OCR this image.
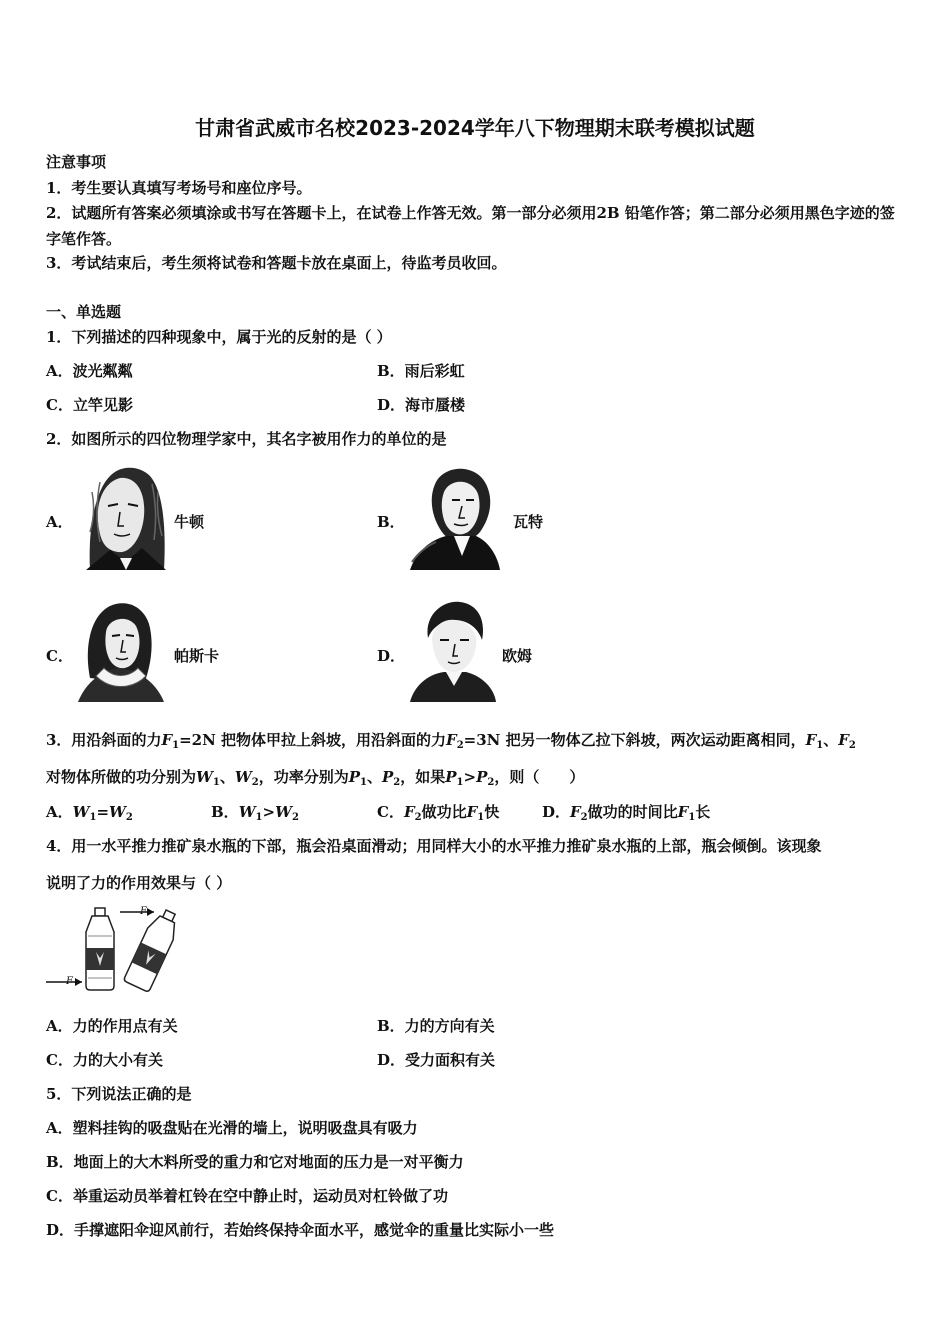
甘肃省武威市名校2023-2024学年八下物理期末联考模拟试题
注意事项
1．考生要认真填写考场号和座位序号。
2．试题所有答案必须填涂或书写在答题卡上，在试卷上作答无效。第一部分必须用2B 铅笔作答；第二部分必须用黑色字迹的签字笔作答。
3．考试结束后，考生须将试卷和答题卡放在桌面上，待监考员收回。
一、单选题
1．下列描述的四种现象中，属于光的反射的是（ ）
A．波光粼粼	B．雨后彩虹
C．立竿见影	D．海市蜃楼
2．如图所示的四位物理学家中，其名字被用作力的单位的是
A．	牛顿	B．	瓦特
C．	帕斯卡	D．	欧姆
3．用沿斜面的力$F_1=2N$ 把物体甲拉上斜坡，用沿斜面的力$F_2=3N$ 把另一物体乙拉下斜坡，两次运动距离相同，$F_1$、$F_2$
对物体所做的功分别为$W_1$、$W_2$，功率分别为$P_1$、$P_2$，如果$P_1>P_2$，则（　　）
A．$W_1=W_2$	B．$W_1>W_2$	C．$F_2$做功比$F_1$快	D．$F_2$做功的时间比$F_1$长
4．用一水平推力推矿泉水瓶的下部，瓶会沿桌面滑动；用同样大小的水平推力推矿泉水瓶的上部，瓶会倾倒。该现象
说明了力的作用效果与（ ）
F
F
A．力的作用点有关	B．力的方向有关
C．力的大小有关	D．受力面积有关
5．下列说法正确的是
A．塑料挂钩的吸盘贴在光滑的墙上，说明吸盘具有吸力
B．地面上的大木料所受的重力和它对地面的压力是一对平衡力
C．举重运动员举着杠铃在空中静止时，运动员对杠铃做了功
D．手撑遮阳伞迎风前行，若始终保持伞面水平，感觉伞的重量比实际小一些
